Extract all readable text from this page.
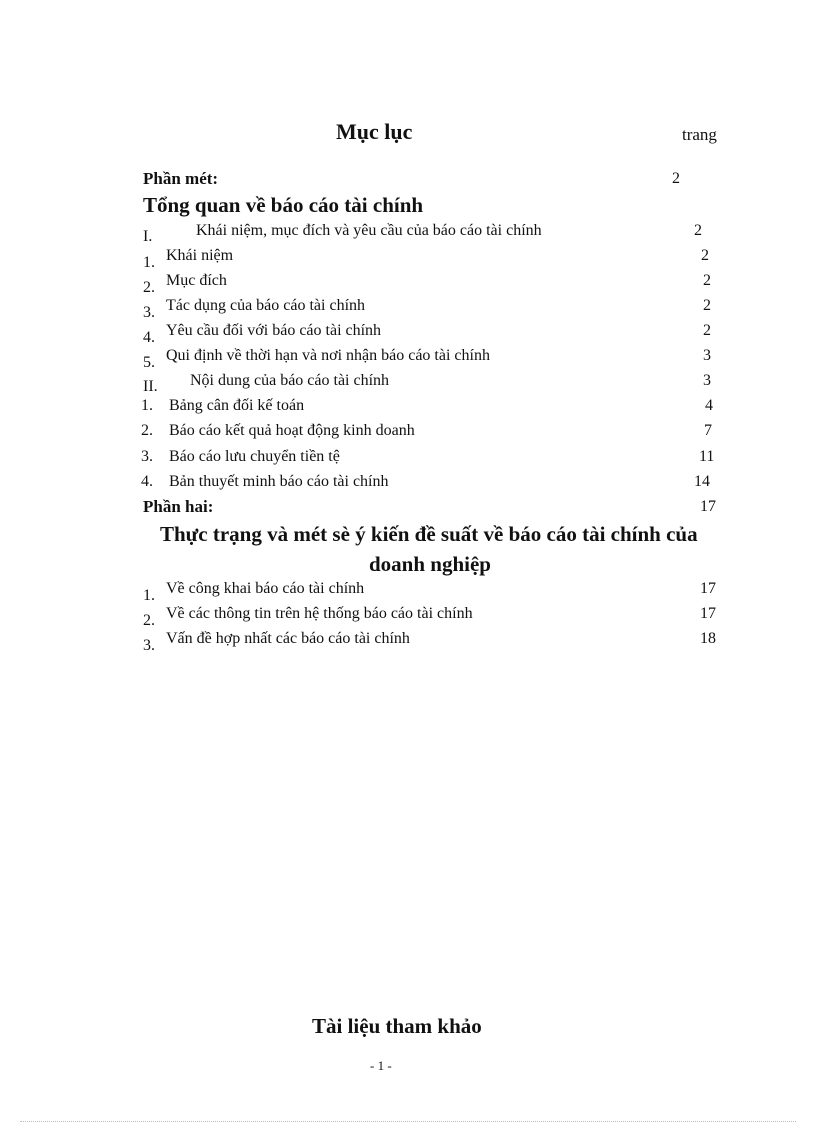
Mục lục	trang
Phần mét:	2
Tổng quan về báo cáo tài chính
I.	Khái niệm, mục đích và yêu cầu của báo cáo tài chính	2
1. Khái niệm	2
2. Mục đích	2
3. Tác dụng của báo cáo tài chính	2
4. Yêu cầu đối với báo cáo tài chính	2
5. Qui định về thời hạn và nơi nhận báo cáo tài chính	3
II. Nội dung của báo cáo tài chính	3
1. Bảng cân đối kế toán	4
2. Báo cáo kết quả hoạt động kinh doanh	7
3. Báo cáo lưu chuyển tiền tệ	11
4. Bản thuyết minh báo cáo tài chính	14
Phần hai:	17
Thực trạng và mét sè ý kiến đề suất về báo cáo tài chính của
doanh nghiệp
1. Về công khai báo cáo tài chính	17
2. Về các thông tin trên hệ thống báo cáo tài chính	17
3. Vấn đề hợp nhất các báo cáo tài chính	18
Tài liệu tham khảo
- 1 -
